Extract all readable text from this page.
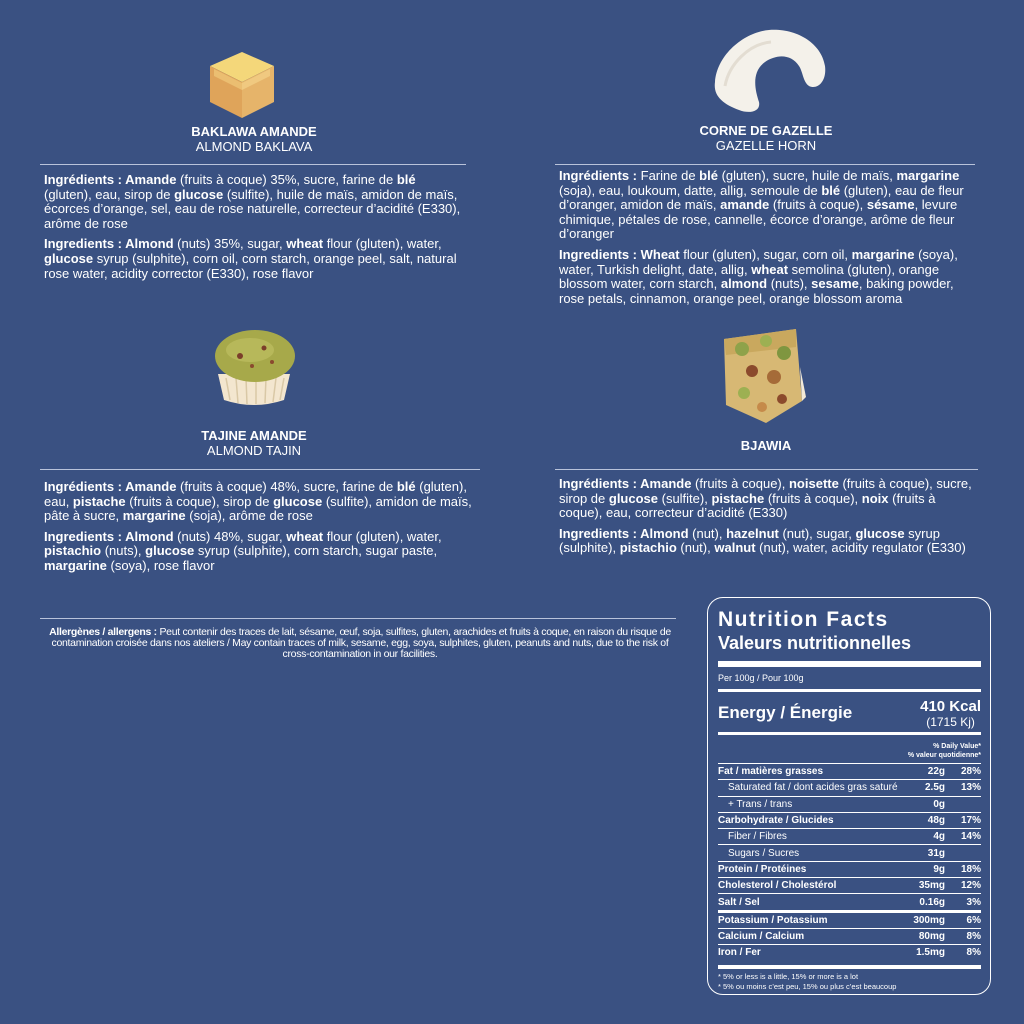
BAKLAWA AMANDE
ALMOND BAKLAVA

Ingrédients : Amande (fruits à coque) 35%, sucre, farine de blé (gluten), eau, sirop de glucose (sulfite), huile de maïs, amidon de maïs, écorces d’orange, sel, eau de rose naturelle, correcteur d’acidité (E330), arôme de rose

Ingredients : Almond (nuts) 35%, sugar, wheat flour (gluten), water, glucose syrup (sulphite), corn oil, corn starch, orange peel, salt, natural rose water, acidity corrector (E330), rose flavor

CORNE DE GAZELLE
GAZELLE HORN

Ingrédients : Farine de blé (gluten), sucre, huile de maïs, margarine (soja), eau, loukoum, datte, allig, semoule de blé (gluten), eau de fleur d’oranger, amidon de maïs, amande (fruits à coque), sésame, levure chimique, pétales de rose, cannelle, écorce d’orange, arôme de fleur d’oranger

Ingredients : Wheat flour (gluten), sugar, corn oil, margarine (soya), water, Turkish delight, date, allig, wheat semolina (gluten), orange blossom water, corn starch, almond (nuts), sesame, baking powder, rose petals, cinnamon, orange peel, orange blossom aroma

TAJINE AMANDE
ALMOND TAJIN

Ingrédients : Amande (fruits à coque) 48%, sucre, farine de blé (gluten), eau, pistache (fruits à coque), sirop de glucose (sulfite), amidon de maïs, pâte à sucre, margarine (soja), arôme de rose

Ingredients : Almond (nuts) 48%, sugar, wheat flour (gluten), water, pistachio (nuts), glucose syrup (sulphite), corn starch, sugar paste, margarine (soya), rose flavor

BJAWIA

Ingrédients : Amande (fruits à coque), noisette (fruits à coque), sucre, sirop de glucose (sulfite), pistache (fruits à coque), noix (fruits à coque), eau, correcteur d’acidité (E330)

Ingredients : Almond (nut), hazelnut (nut), sugar, glucose syrup (sulphite), pistachio (nut), walnut (nut), water, acidity regulator (E330)

Allergènes / allergens : Peut contenir des traces de lait, sésame, œuf, soja, sulfites, gluten, arachides et fruits à coque, en raison du risque de contamination croisée dans nos ateliers / May contain traces of milk, sesame, egg, soya, sulphites, gluten, peanuts and nuts, due to the risk of cross-contamination in our facilities.
Nutrition Facts
Valeurs nutritionnelles
Per 100g / Pour 100g
Energy / Énergie	410 Kcal
(1715 Kj)
% Daily Value*
% valeur quotidienne*
Fat / matières grasses	22g	28%
Saturated fat / dont acides gras saturé	2.5g	13%
+ Trans / trans	0g
Carbohydrate / Glucides	48g	17%
Fiber / Fibres	4g	14%
Sugars / Sucres	31g
Protein / Protéines	9g	18%
Cholesterol / Cholestérol	35mg	12%
Salt / Sel	0.16g	3%
Potassium / Potassium	300mg	6%
Calcium / Calcium	80mg	8%
Iron / Fer	1.5mg	8%
* 5% or less is a little, 15% or more is a lot
* 5% ou moins c’est peu, 15% ou plus c’est beaucoup
